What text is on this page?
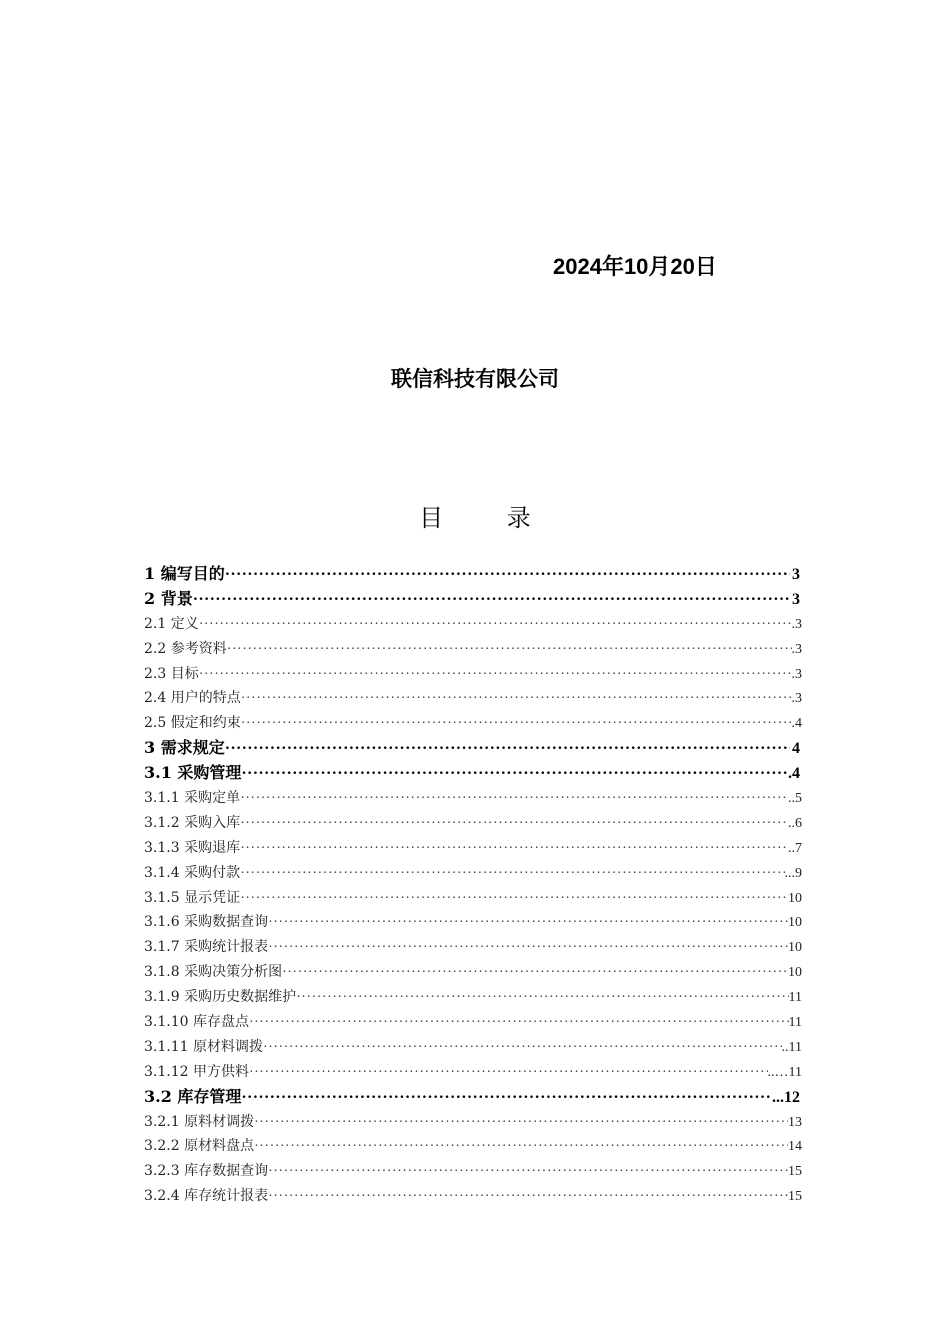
2024年10月20日
联信科技有限公司
目 录
1 编写目的 ·····	3
2 背景 ·····	3
2.1 定义 ·····	.3
2.2 参考资料 ·····	.3
2.3 目标 ·····	.3
2.4 用户的特点 ·····	.3
2.5 假定和约束 ·····	.4
3 需求规定 ·····	4
3.1 采购管理 ·····	.4
3.1.1 采购定单 ·····	..5
3.1.2 采购入库 ·····	..6
3.1.3 采购退库 ·····	..7
3.1.4 采购付款 ·····	...9
3.1.5 显示凭证 ·····	10
3.1.6 采购数据查询 ·····	10
3.1.7 采购统计报表 ·····	10
3.1.8 采购决策分析图 ·····	10
3.1.9 采购历史数据维护 ·····	11
3.1.10 库存盘点 ·····	11
3.1.11 原材料调拨 ·····	..11
3.1.12 甲方供料 ·····	..…11
3.2 库存管理 ·····	...12
3.2.1 原料材调拨 ·····	13
3.2.2 原材料盘点 ·····	14
3.2.3 库存数据查询 ·····	15
3.2.4 库存统计报表 ·····	15
